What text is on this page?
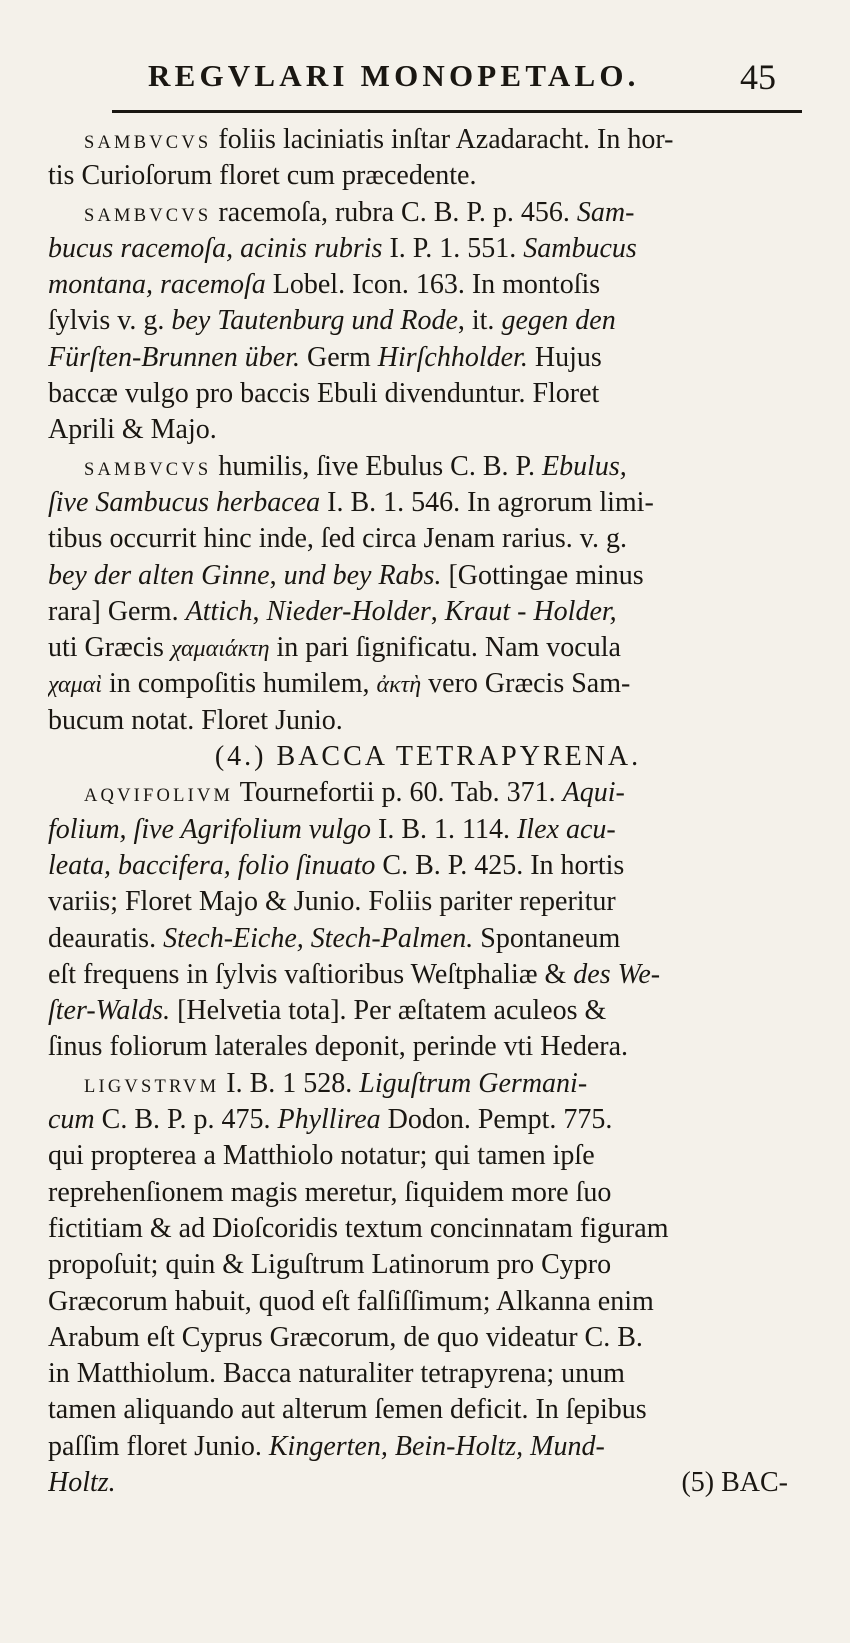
REGVLARI MONOPETALO.	45
SAMBVCVS foliis laciniatis inſtar Azadaracht. In hor-
tis Curioſorum floret cum præcedente.
SAMBVCVS racemoſa, rubra C. B. P. p. 456. Sam-
bucus racemoſa, acinis rubris I. P. 1. 551. Sambucus
montana, racemoſa Lobel. Icon. 163. In montoſis
ſylvis v. g. bey Tautenburg und Rode, it. gegen den
Fürſten-Brunnen über. Germ Hirſchholder. Hujus
baccæ vulgo pro baccis Ebuli divenduntur. Floret
Aprili & Majo.
SAMBVCVS humilis, ſive Ebulus C. B. P. Ebulus,
ſive Sambucus herbacea I. B. 1. 546. In agrorum limi-
tibus occurrit hinc inde, ſed circa Jenam rarius. v. g.
bey der alten Ginne, und bey Rabs. [Gottingae minus
rara] Germ. Attich, Nieder-Holder, Kraut - Holder,
uti Græcis χαμαιάκτη in pari ſignificatu. Nam vocula
χαμαὶ in compoſitis humilem, ἀκτὴ vero Græcis Sam-
bucum notat. Floret Junio.
(4.) BACCA TETRAPYRENA.
AQVIFOLIVM Tournefortii p. 60. Tab. 371. Aqui-
folium, ſive Agrifolium vulgo I. B. 1. 114. Ilex acu-
leata, baccifera, folio ſinuato C. B. P. 425. In hortis
variis; Floret Majo & Junio. Foliis pariter reperitur
deauratis. Stech-Eiche, Stech-Palmen. Spontaneum
eſt frequens in ſylvis vaſtioribus Weſtphaliæ & des We-
ſter-Walds. [Helvetia tota]. Per æſtatem aculeos &
ſinus foliorum laterales deponit, perinde vti Hedera.
LIGVSTRVM I. B. 1 528. Liguſtrum Germani-
cum C. B. P. p. 475. Phyllirea Dodon. Pempt. 775.
qui propterea a Matthiolo notatur; qui tamen ipſe
reprehenſionem magis meretur, ſiquidem more ſuo
fictitiam & ad Dioſcoridis textum concinnatam figuram
propoſuit; quin & Liguſtrum Latinorum pro Cypro
Græcorum habuit, quod eſt falſiſſimum; Alkanna enim
Arabum eſt Cyprus Græcorum, de quo videatur C. B.
in Matthiolum. Bacca naturaliter tetrapyrena; unum
tamen aliquando aut alterum ſemen deficit. In ſepibus
paſſim floret Junio. Kingerten, Bein-Holtz, Mund-
Holtz.	(5) BAC-
